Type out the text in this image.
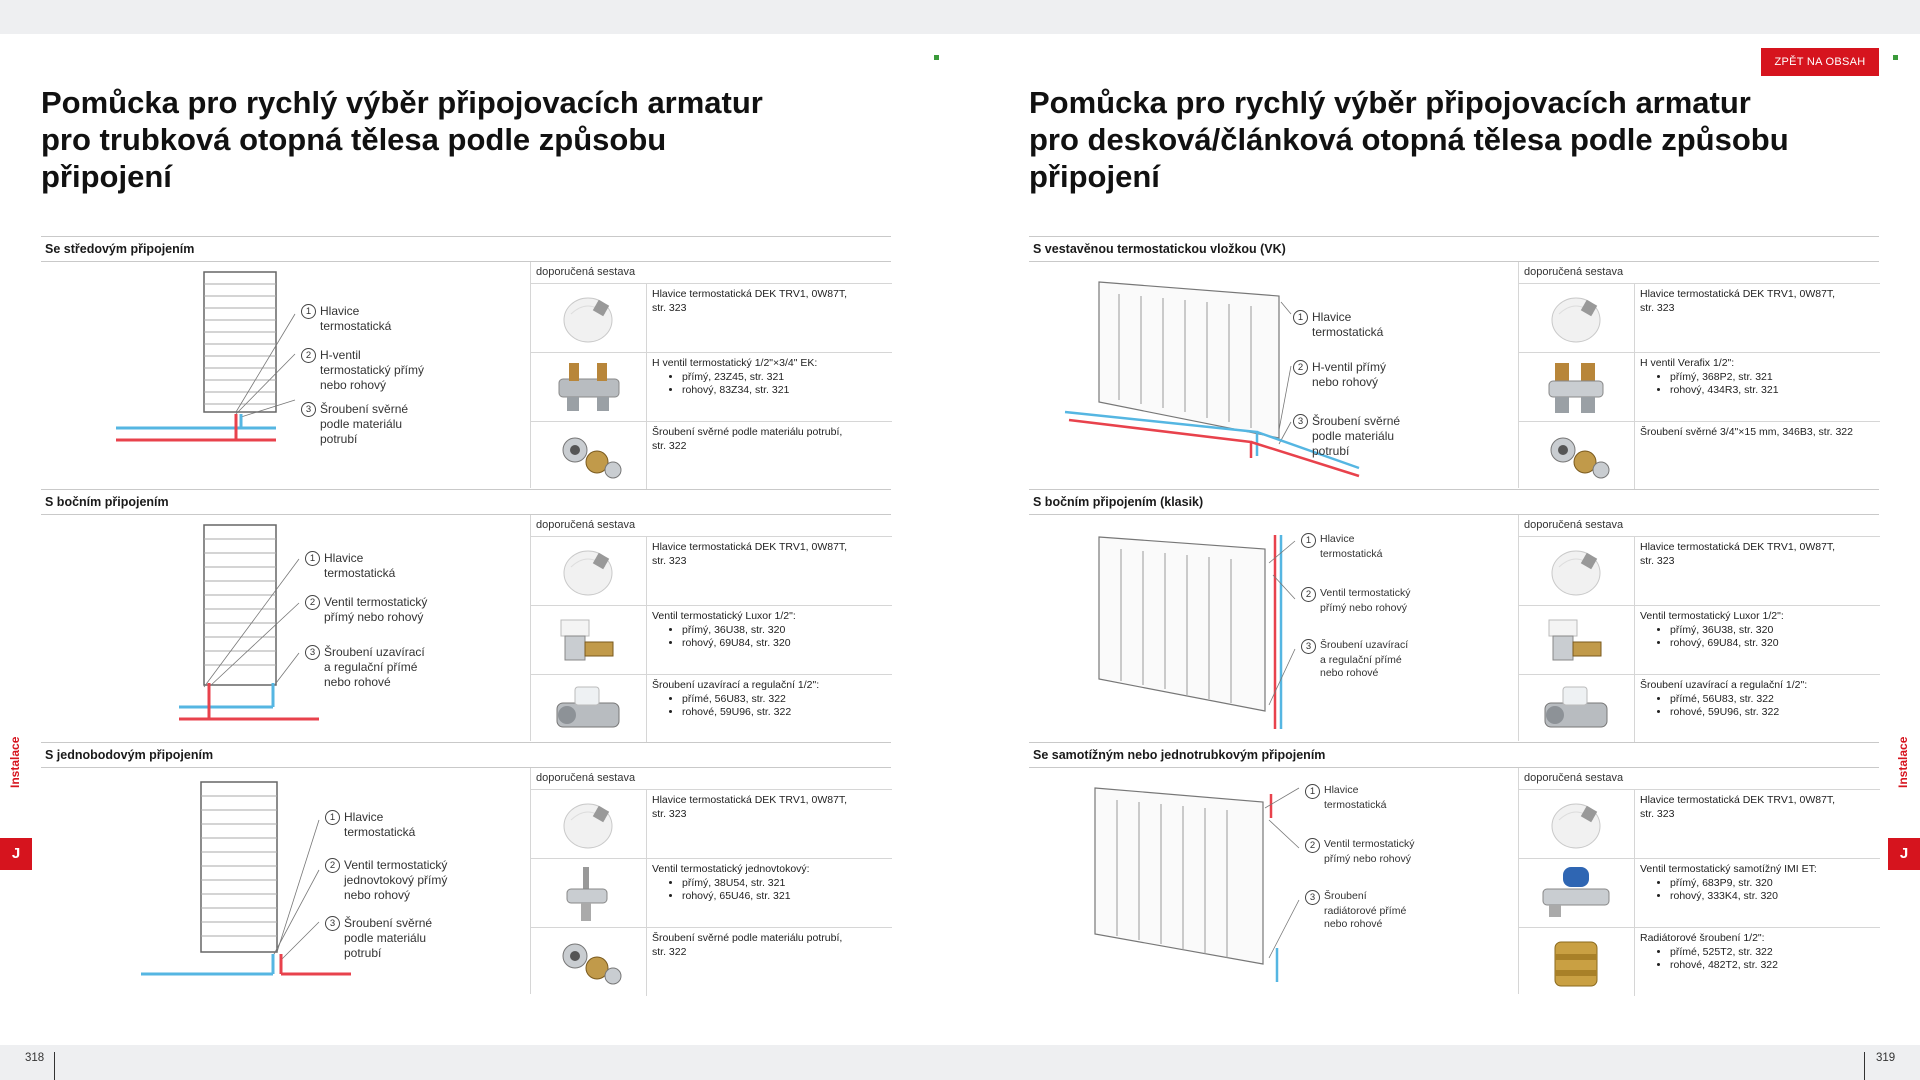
Pomůcka pro rychlý výběr připojovacích armatur
pro trubková otopná tělesa podle způsobu
připojení
Se středovým připojením
1 Hlavice
termostatická
2 H-ventil
termostatický přímý
nebo rohový
3 Šroubení svěrné
podle materiálu
potrubí
doporučená sestava
Hlavice termostatická DEK TRV1, 0W87T,
str. 323
H ventil termostatický 1/2"×3/4" EK:
• přímý, 23Z45, str. 321
• rohový, 83Z34, str. 321
Šroubení svěrné podle materiálu potrubí,
str. 322
S bočním připojením
1 Hlavice
termostatická
2 Ventil termostatický
přímý nebo rohový
3 Šroubení uzavírací
a regulační přímé
nebo rohové
doporučená sestava
Hlavice termostatická DEK TRV1, 0W87T,
str. 323
Ventil termostatický Luxor 1/2":
• přímý, 36U38, str. 320
• rohový, 69U84, str. 320
Šroubení uzavírací a regulační 1/2":
• přímé, 56U83, str. 322
• rohové, 59U96, str. 322
S jednobodovým připojením
1 Hlavice
termostatická
2 Ventil termostatický
jednovtokový přímý
nebo rohový
3 Šroubení svěrné
podle materiálu
potrubí
doporučená sestava
Hlavice termostatická DEK TRV1, 0W87T,
str. 323
Ventil termostatický jednovtokový:
• přímý, 38U54, str. 321
• rohový, 65U46, str. 321
Šroubení svěrné podle materiálu potrubí,
str. 322
318
Pomůcka pro rychlý výběr připojovacích armatur
pro desková/článková otopná tělesa podle způsobu
připojení
S vestavěnou termostatickou vložkou (VK)
1 Hlavice
termostatická
2 H-ventil přímý
nebo rohový
3 Šroubení svěrné
podle materiálu
potrubí
doporučená sestava
Hlavice termostatická DEK TRV1, 0W87T,
str. 323
H ventil Verafix 1/2":
• přímý, 368P2, str. 321
• rohový, 434R3, str. 321
Šroubení svěrné 3/4"×15 mm, 346B3, str. 322
S bočním připojením (klasik)
1 Hlavice
termostatická
2 Ventil termostatický
přímý nebo rohový
3 Šroubení uzavírací
a regulační přímé
nebo rohové
doporučená sestava
Hlavice termostatická DEK TRV1, 0W87T,
str. 323
Ventil termostatický Luxor 1/2":
• přímý, 36U38, str. 320
• rohový, 69U84, str. 320
Šroubení uzavírací a regulační 1/2":
• přímé, 56U83, str. 322
• rohové, 59U96, str. 322
Se samotížným nebo jednotrubkovým připojením
1 Hlavice
termostatická
2 Ventil termostatický
přímý nebo rohový
3 Šroubení
radiátorové přímé
nebo rohové
doporučená sestava
Hlavice termostatická DEK TRV1, 0W87T,
str. 323
Ventil termostatický samotížný IMI ET:
• přímý, 683P9, str. 320
• rohový, 333K4, str. 320
Radiátorové šroubení 1/2":
• přímé, 525T2, str. 322
• rohové, 482T2, str. 322
319
Instalace
J
Instalace
J
ZPĚT NA OBSAH
